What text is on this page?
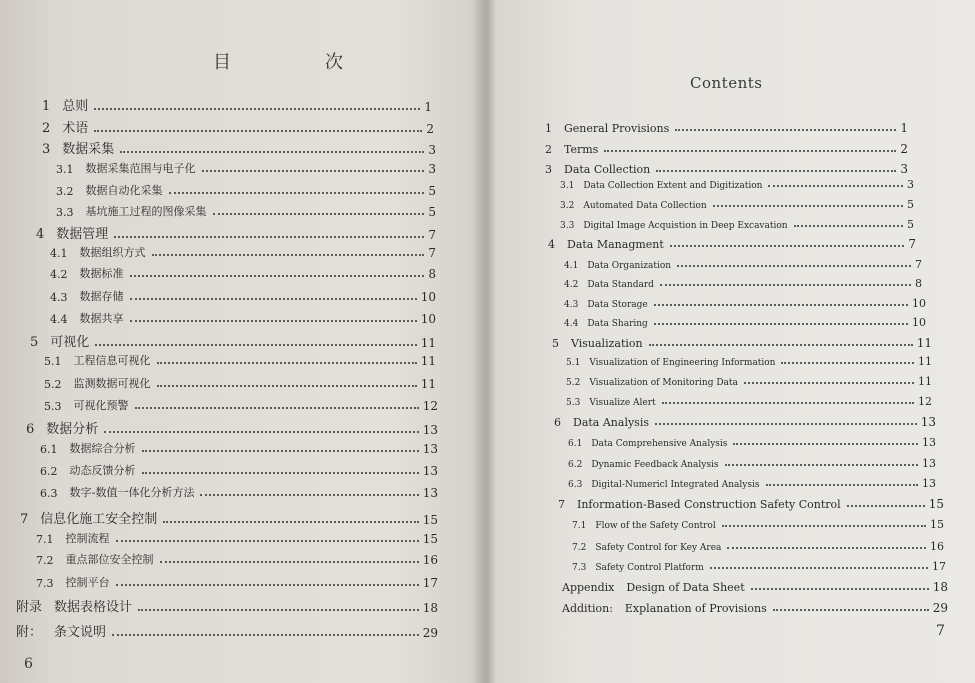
目　次
1 总则	1
2 术语	2
3 数据采集	3
3.1 数据采集范围与电子化	3
3.2 数据自动化采集	5
3.3 基坑施工过程的图像采集	5
4 数据管理	7
4.1 数据组织方式	7
4.2 数据标准	8
4.3 数据存储	10
4.4 数据共享	10
5 可视化	11
5.1 工程信息可视化	11
5.2 监测数据可视化	11
5.3 可视化预警	12
6 数据分析	13
6.1 数据综合分析	13
6.2 动态反馈分析	13
6.3 数字-数值一体化分析方法	13
7 信息化施工安全控制	15
7.1 控制流程	15
7.2 重点部位安全控制	16
7.3 控制平台	17
附录 数据表格设计	18
附： 条文说明	29
6
Contents
1 General Provisions	1
2 Terms	2
3 Data Collection	3
3.1 Data Collection Extent and Digitization	3
3.2 Automated Data Collection	5
3.3 Digital Image Acquistion in Deep Excavation	5
4 Data Managment	7
4.1 Data Organization	7
4.2 Data Standard	8
4.3 Data Storage	10
4.4 Data Sharing	10
5 Visualization	11
5.1 Visualization of Engineering Information	11
5.2 Visualization of Monitoring Data	11
5.3 Visualize Alert	12
6 Data Analysis	13
6.1 Data Comprehensive Analysis	13
6.2 Dynamic Feedback Analysis	13
6.3 Digital-Numericl Integrated Analysis	13
7 Information-Based Construction Safety Control	15
7.1 Flow of the Safety Control	15
7.2 Safety Control for Key Area	16
7.3 Safety Control Platform	17
Appendix Design of Data Sheet	18
Addition: Explanation of Provisions	29
7
